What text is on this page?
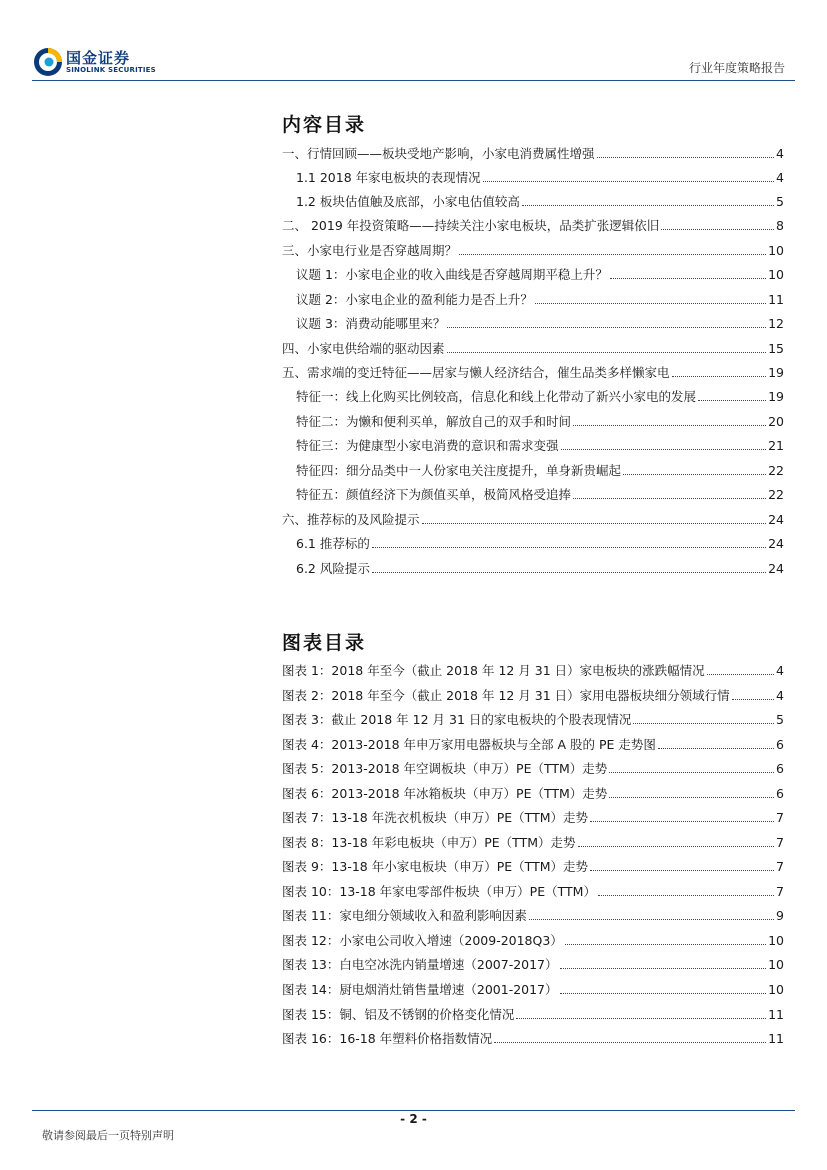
国金证券
SINOLINK SECURITIES	行业年度策略报告
内容目录
一、行情回顾——板块受地产影响，小家电消费属性增强	4
1.1 2018 年家电板块的表现情况	4
1.2 板块估值触及底部，小家电估值较高	5
二、 2019 年投资策略——持续关注小家电板块，品类扩张逻辑依旧	8
三、小家电行业是否穿越周期？	10
议题 1：小家电企业的收入曲线是否穿越周期平稳上升？	10
议题 2：小家电企业的盈利能力是否上升？	11
议题 3：消费动能哪里来？	12
四、小家电供给端的驱动因素	15
五、需求端的变迁特征——居家与懒人经济结合，催生品类多样懒家电	19
特征一：线上化购买比例较高，信息化和线上化带动了新兴小家电的发展	19
特征二：为懒和便利买单，解放自己的双手和时间	20
特征三：为健康型小家电消费的意识和需求变强	21
特征四：细分品类中一人份家电关注度提升，单身新贵崛起	22
特征五：颜值经济下为颜值买单，极简风格受追捧	22
六、推荐标的及风险提示	24
6.1 推荐标的	24
6.2 风险提示	24
图表目录
图表 1：2018 年至今（截止 2018 年 12 月 31 日）家电板块的涨跌幅情况	4
图表 2：2018 年至今（截止 2018 年 12 月 31 日）家用电器板块细分领域行情	4
图表 3：截止 2018 年 12 月 31 日的家电板块的个股表现情况	5
图表 4：2013-2018 年申万家用电器板块与全部 A 股的 PE 走势图	6
图表 5：2013-2018 年空调板块（申万）PE（TTM）走势	6
图表 6：2013-2018 年冰箱板块（申万）PE（TTM）走势	6
图表 7：13-18 年洗衣机板块（申万）PE（TTM）走势	7
图表 8：13-18 年彩电板块（申万）PE（TTM）走势	7
图表 9：13-18 年小家电板块（申万）PE（TTM）走势	7
图表 10：13-18 年家电零部件板块（申万）PE（TTM）	7
图表 11：家电细分领域收入和盈利影响因素	9
图表 12：小家电公司收入增速（2009-2018Q3）	10
图表 13：白电空冰洗内销量增速（2007-2017）	10
图表 14：厨电烟消灶销售量增速（2001-2017）	10
图表 15：铜、铝及不锈钢的价格变化情况	11
图表 16：16-18 年塑料价格指数情况	11
- 2 -
敬请参阅最后一页特别声明
